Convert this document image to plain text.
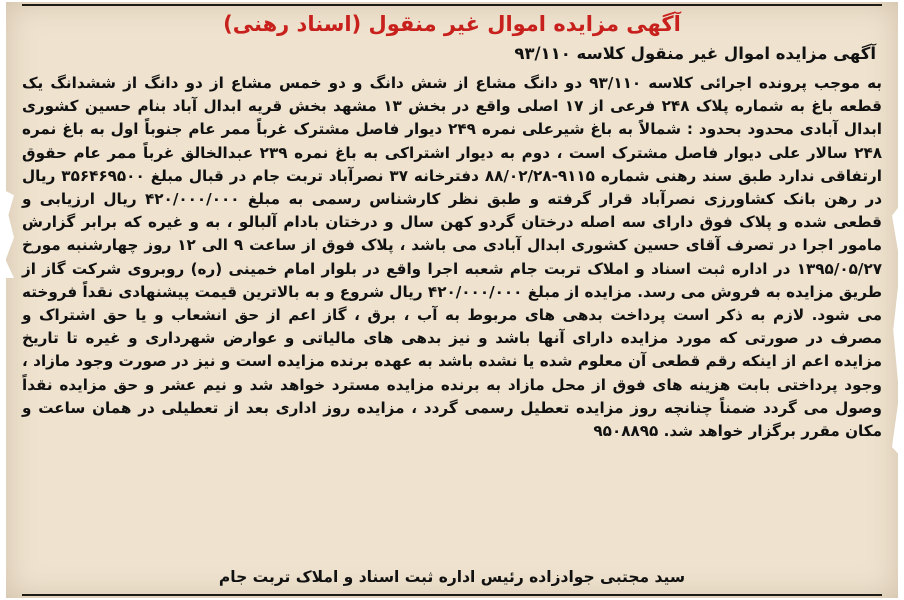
آگهی مزایده اموال غیر منقول (اسناد رهنی)
آگهی مزایده اموال غیر منقول کلاسه ۹۳/۱۱۰
به موجب پرونده اجرائی کلاسه ۹۳/۱۱۰ دو دانگ مشاع از شش دانگ و دو خمس مشاع از دو دانگ از ششدانگ یک قطعه باغ به شماره پلاک ۲۴۸ فرعی از ۱۷ اصلی واقع در بخش ۱۳ مشهد بخش قریه ابدال آباد بنام حسین کشوری ابدال آبادی محدود بحدود : شمالاً به باغ شیرعلی نمره ۲۴۹ دیوار فاصل مشترک غرباً ممر عام جنوباً اول به باغ نمره ۲۴۸ سالار علی دیوار فاصل مشترک است ، دوم به دیوار اشتراکی به باغ نمره ۲۳۹ عبدالخالق غرباً ممر عام حقوق ارتفاقی ندارد طبق سند رهنی شماره ۹۱۱۵-۸۸/۰۲/۲۸ دفترخانه ۳۷ نصرآباد تربت جام در قبال مبلغ ۳۵۶۴۶۹۵۰۰ ریال در رهن بانک کشاورزی نصرآباد قرار گرفته و طبق نظر کارشناس رسمی به مبلغ ۴۲۰/۰۰۰/۰۰۰ ریال ارزیابی و قطعی شده و پلاک فوق دارای سه اصله درختان گردو کهن سال و درختان بادام آلبالو ، به و غیره که برابر گزارش مامور اجرا در تصرف آقای حسین کشوری ابدال آبادی می باشد ، پلاک فوق از ساعت ۹ الی ۱۲ روز چهارشنبه مورخ ۱۳۹۵/۰۵/۲۷ در اداره ثبت اسناد و املاک تربت جام شعبه اجرا واقع در بلوار امام خمینی (ره) روبروی شرکت گاز از طریق مزایده به فروش می رسد. مزایده از مبلغ ۴۲۰/۰۰۰/۰۰۰ ریال شروع و به بالاترین قیمت پیشنهادی نقداً فروخته می شود. لازم به ذکر است پرداخت بدهی های مربوط به آب ، برق ، گاز اعم از حق انشعاب و یا حق اشتراک و مصرف در صورتی که مورد مزایده دارای آنها باشد و نیز بدهی های مالیاتی و عوارض شهرداری و غیره تا تاریخ مزایده اعم از اینکه رقم قطعی آن معلوم شده یا نشده باشد به عهده برنده مزایده است و نیز در صورت وجود مازاد ، وجود پرداختی بابت هزینه های فوق از محل مازاد به برنده مزایده مسترد خواهد شد و نیم عشر و حق مزایده نقداً وصول می گردد ضمناً چنانچه روز مزایده تعطیل رسمی گردد ، مزایده روز اداری بعد از تعطیلی در همان ساعت و مکان مقرر برگزار خواهد شد. ۹۵۰۸۸۹۵
سید مجتبی جوادزاده رئیس اداره ثبت اسناد و املاک تربت جام
